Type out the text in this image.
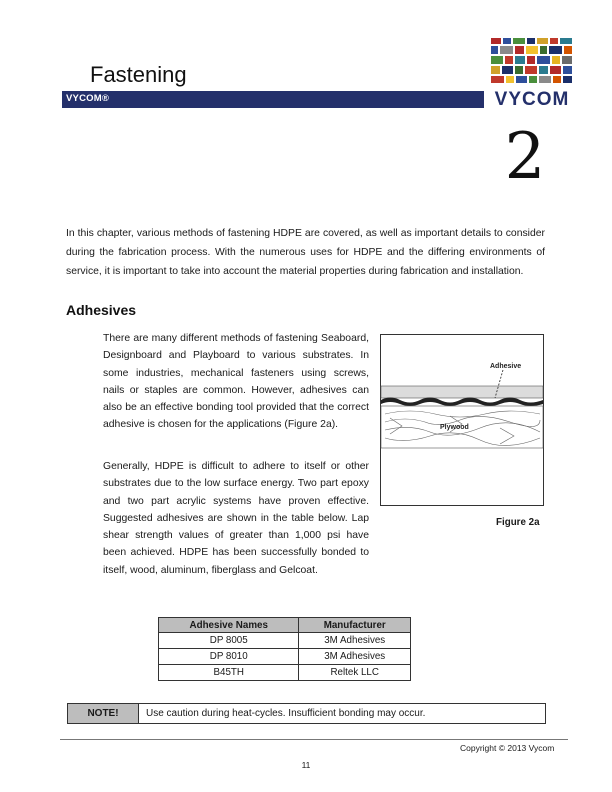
Fastening
VYCOM®	VYCOM
2
In this chapter, various methods of fastening HDPE are covered, as well as important details to consider during the fabrication process. With the numerous uses for HDPE and the differing environments of service, it is important to take into account the material properties during fabrication and installation.
Adhesives
There are many different methods of fastening Seaboard, Designboard and Playboard to various substrates. In some industries, mechanical fasteners using screws, nails or staples are common. However, adhesives can also be an effective bonding tool provided that the correct adhesive is chosen for the applications (Figure 2a).
Generally, HDPE is difficult to adhere to itself or other substrates due to the low surface energy. Two part epoxy and two part acrylic systems have proven effective. Suggested adhesives are shown in the table below. Lap shear strength values of greater than 1,000 psi have been achieved. HDPE has been successfully bonded to itself, wood, aluminum, fiberglass and Gelcoat.
Adhesive
Plywood
Figure 2a
Adhesive Names	Manufacturer
DP 8005	3M Adhesives
DP 8010	3M Adhesives
B45TH	Reltek LLC
NOTE!	Use caution during heat-cycles. Insufficient bonding may occur.
Copyright © 2013 Vycom
11
